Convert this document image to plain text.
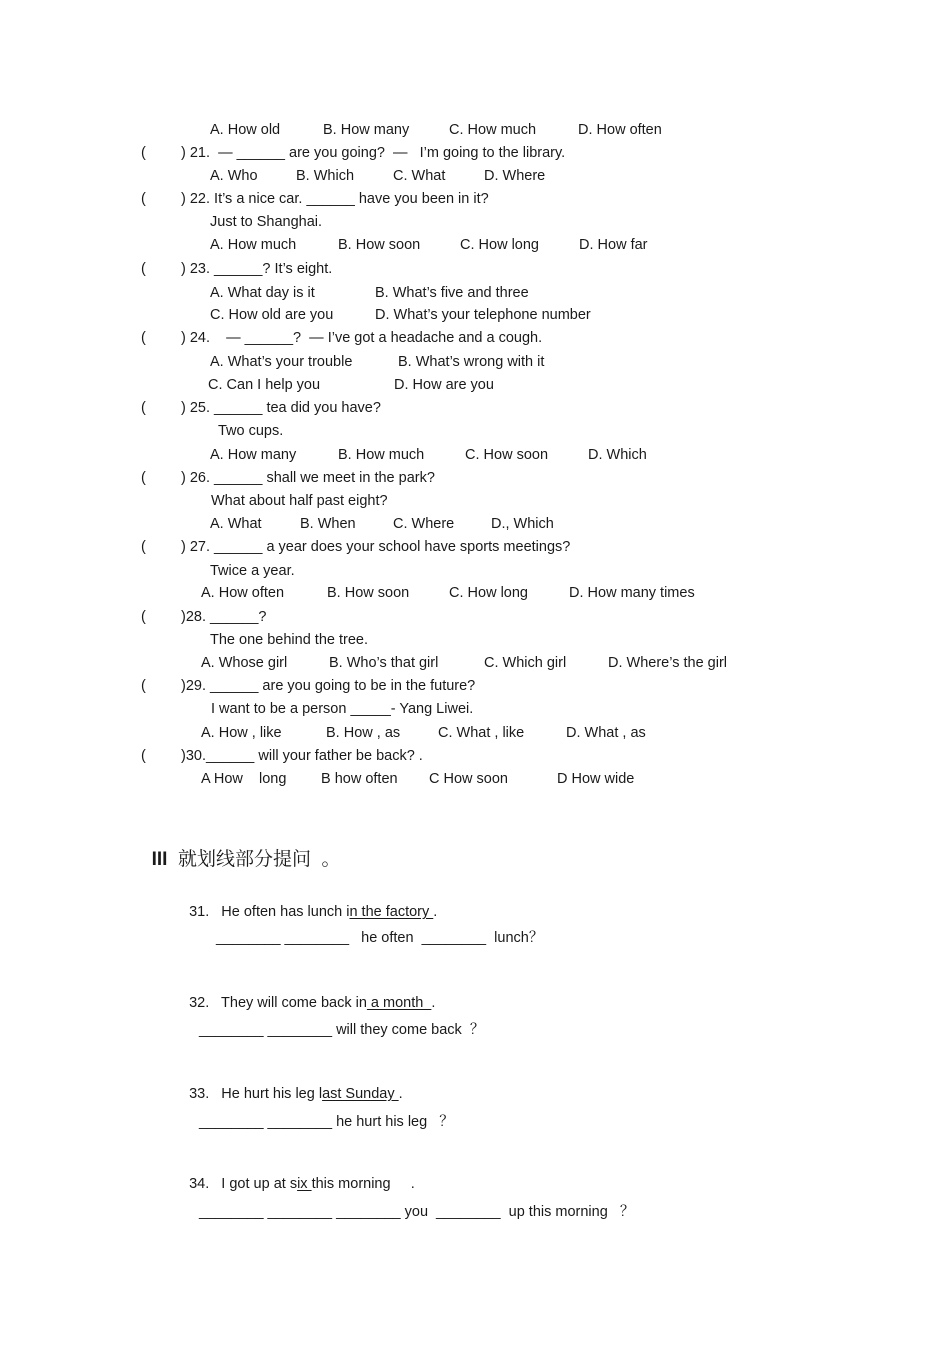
A. How old	B. How many	C. How much	D. How often
( ) 21.  — ______ are you going?  —   I’m going to the library.
A. Who	B. Which	C. What	D. Where
( ) 22. It’s a nice car. ______ have you been in it?
Just to Shanghai.
A. How much	B. How soon	C. How long	D. How far
( ) 23. ______? It’s eight.
A. What day is it	B. What’s five and three
C. How old are you	D. What’s your telephone number
( ) 24.    — ______?  — I’ve got a headache and a cough.
A. What’s your trouble	B. What’s wrong with it
C. Can I help you	D. How are you
( ) 25. ______ tea did you have?
Two cups.
A. How many	B. How much	C. How soon	D. Which
( ) 26. ______ shall we meet in the park?
What about half past eight?
A. What	B. When	C. Where	D., Which
( ) 27. ______ a year does your school have sports meetings?
Twice a year.
A. How often	B. How soon	C. How long	D. How many times
( )28. ______?
The one behind the tree.
A. Whose girl	B. Who’s that girl	C. Which girl	D. Where’s the girl
( )29. ______ are you going to be in the future?
I want to be a person _____- Yang Liwei.
A. How , like	B. How , as	C. What , like	D. What , as
( )30.______ will your father be back? .
A How    long B how often C How soon	D How wide

III 就划线部分提问 。

31.   He often has lunch in the factory .

________ ________   he often  ________  lunch？

32.   They will come back in a month  .

________ ________ will they come back  ？

33.   He hurt his leg last Sunday .

________ ________ he hurt his leg   ？

34.   I got up at six this morning     .

________ ________ ________ you  ________  up this morning   ？
